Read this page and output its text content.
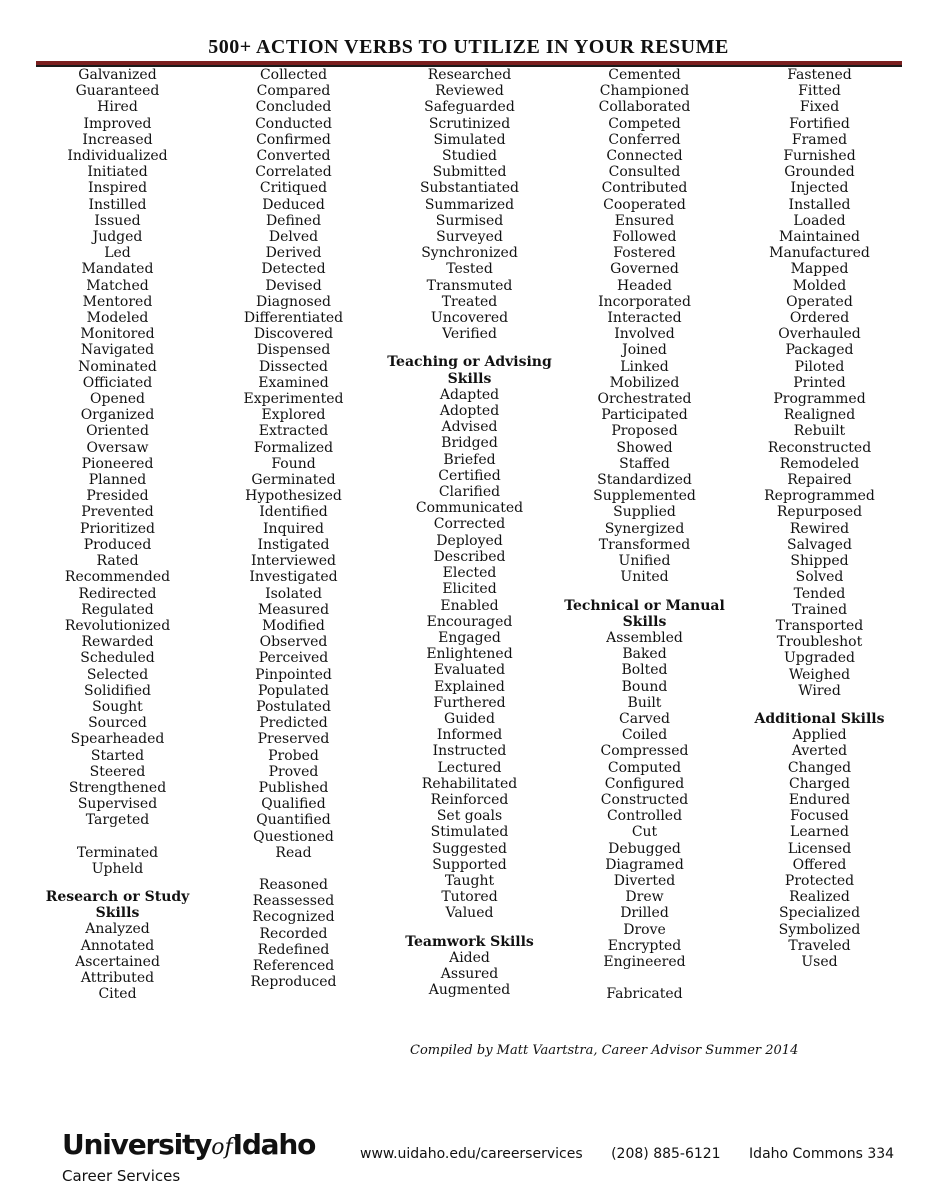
500+ ACTION VERBS TO UTILIZE IN YOUR RESUME
Galvanized
Guaranteed
Hired
Improved
Increased
Individualized
Initiated
Inspired
Instilled
Issued
Judged
Led
Mandated
Matched
Mentored
Modeled
Monitored
Navigated
Nominated
Officiated
Opened
Organized
Oriented
Oversaw
Pioneered
Planned
Presided
Prevented
Prioritized
Produced
Rated
Recommended
Redirected
Regulated
Revolutionized
Rewarded
Scheduled
Selected
Solidified
Sought
Sourced
Spearheaded
Started
Steered
Strengthened
Supervised
Targeted
Terminated
Upheld
Research or Study Skills
Analyzed
Annotated
Ascertained
Attributed
Cited
Collected
Compared
Concluded
Conducted
Confirmed
Converted
Correlated
Critiqued
Deduced
Defined
Delved
Derived
Detected
Devised
Diagnosed
Differentiated
Discovered
Dispensed
Dissected
Examined
Experimented
Explored
Extracted
Formalized
Found
Germinated
Hypothesized
Identified
Inquired
Instigated
Interviewed
Investigated
Isolated
Measured
Modified
Observed
Perceived
Pinpointed
Populated
Postulated
Predicted
Preserved
Probed
Proved
Published
Qualified
Quantified
Questioned
Read
Reasoned
Reassessed
Recognized
Recorded
Redefined
Referenced
Reproduced
Researched
Reviewed
Safeguarded
Scrutinized
Simulated
Studied
Submitted
Substantiated
Summarized
Surmised
Surveyed
Synchronized
Tested
Transmuted
Treated
Uncovered
Verified
Teaching or Advising Skills
Adapted
Adopted
Advised
Bridged
Briefed
Certified
Clarified
Communicated
Corrected
Deployed
Described
Elected
Elicited
Enabled
Encouraged
Engaged
Enlightened
Evaluated
Explained
Furthered
Guided
Informed
Instructed
Lectured
Rehabilitated
Reinforced
Set goals
Stimulated
Suggested
Supported
Taught
Tutored
Valued
Teamwork Skills
Aided
Assured
Augmented
Cemented
Championed
Collaborated
Competed
Conferred
Connected
Consulted
Contributed
Cooperated
Ensured
Followed
Fostered
Governed
Headed
Incorporated
Interacted
Involved
Joined
Linked
Mobilized
Orchestrated
Participated
Proposed
Showed
Staffed
Standardized
Supplemented
Supplied
Synergized
Transformed
Unified
United
Technical or Manual Skills
Assembled
Baked
Bolted
Bound
Built
Carved
Coiled
Compressed
Computed
Configured
Constructed
Controlled
Cut
Debugged
Diagramed
Diverted
Drew
Drilled
Drove
Encrypted
Engineered
Fabricated
Fastened
Fitted
Fixed
Fortified
Framed
Furnished
Grounded
Injected
Installed
Loaded
Maintained
Manufactured
Mapped
Molded
Operated
Ordered
Overhauled
Packaged
Piloted
Printed
Programmed
Realigned
Rebuilt
Reconstructed
Remodeled
Repaired
Reprogrammed
Repurposed
Rewired
Salvaged
Shipped
Solved
Tended
Trained
Transported
Troubleshot
Upgraded
Weighed
Wired
Additional Skills
Applied
Averted
Changed
Charged
Endured
Focused
Learned
Licensed
Offered
Protected
Realized
Specialized
Symbolized
Traveled
Used
Compiled by Matt Vaartstra, Career Advisor Summer 2014
UniversityofIdaho
Career Services
www.uidaho.edu/careerservices (208) 885-6121 Idaho Commons 334
